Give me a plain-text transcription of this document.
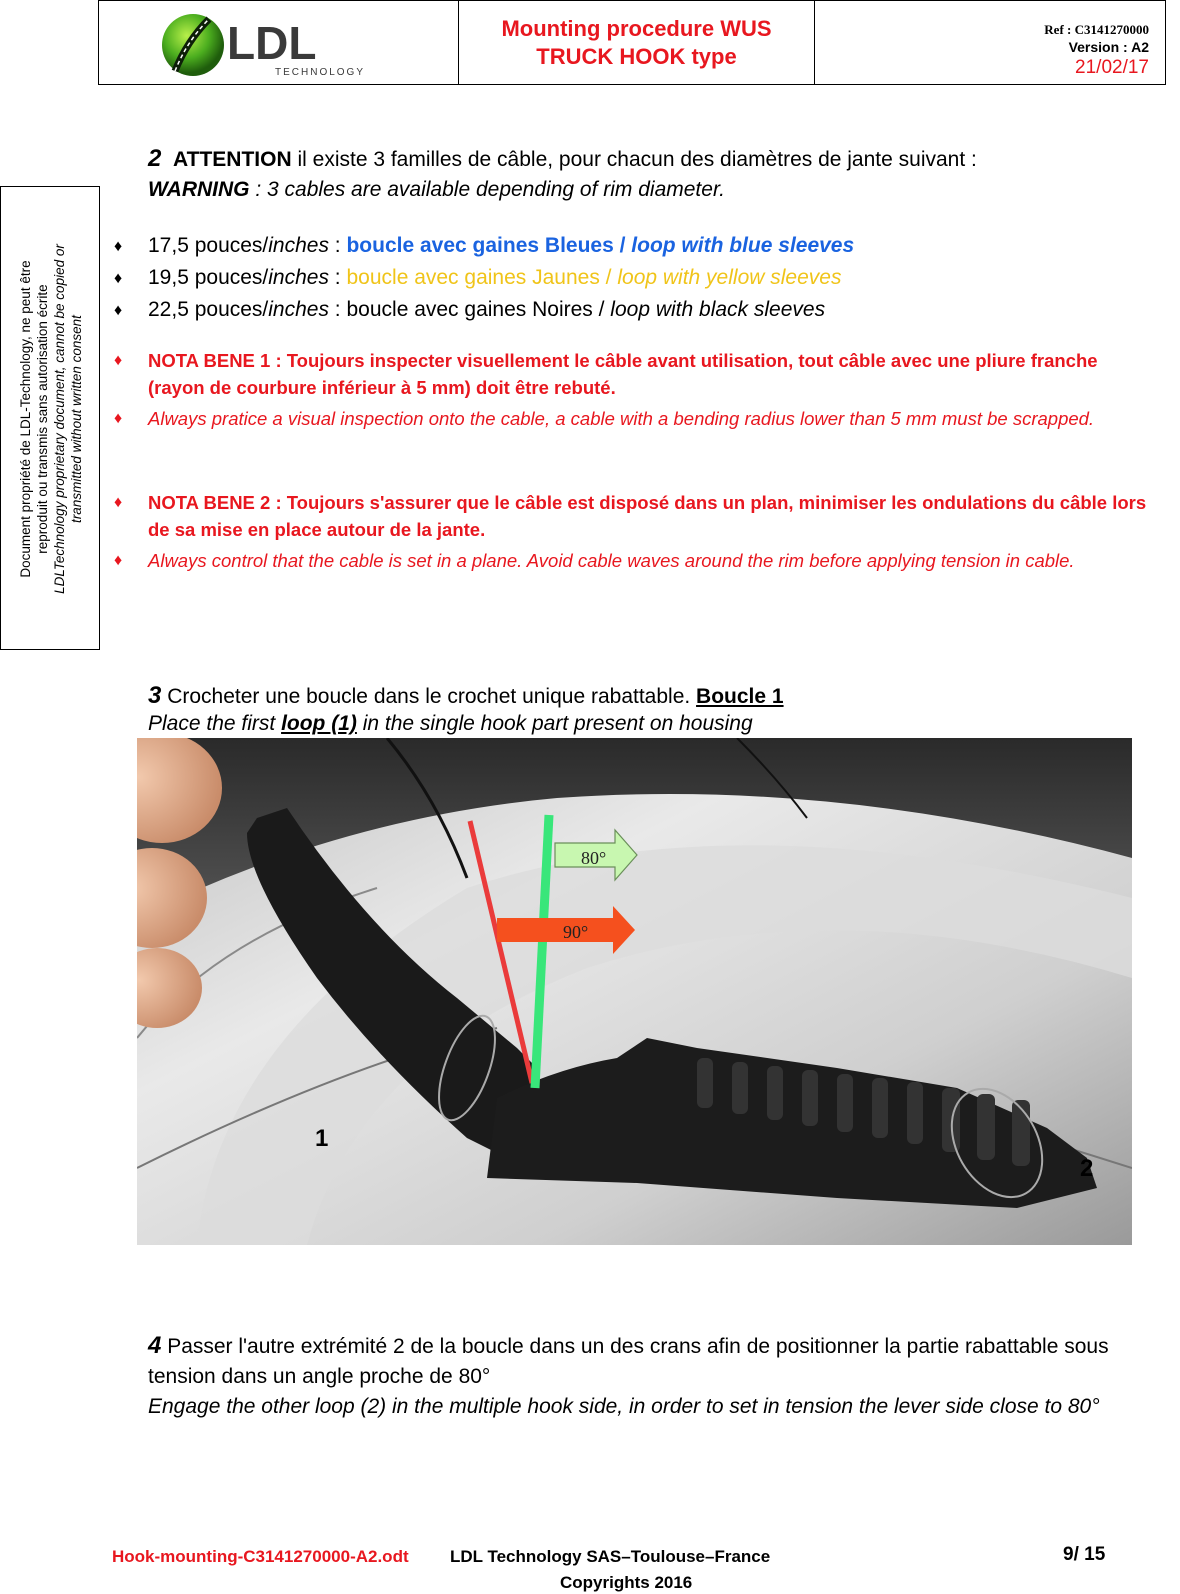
LDL
TECHNOLOGY
Mounting procedure WUS
TRUCK HOOK type
Ref : C3141270000
Version : A2
21/02/17
Document propriété de LDL-Technology, ne peut être reproduit ou transmis sans autorisation écrite LDLTechnology proprietary document, cannot be copied or transmitted without written consent

2 ATTENTION il existe 3 familles de câble, pour chacun des diamètres de jante suivant :

WARNING : 3 cables are available depending of rim diameter.

♦ 17,5 pouces/inches : boucle avec gaines Bleues / loop with blue sleeves

♦ 19,5 pouces/inches : boucle avec gaines Jaunes / loop with yellow sleeves

♦ 22,5 pouces/inches : boucle avec gaines Noires / loop with black sleeves

♦ NOTA BENE 1 : Toujours inspecter visuellement le câble avant utilisation, tout câble avec une pliure franche (rayon de courbure inférieur à 5 mm) doit être rebuté.

♦ Always pratice a visual inspection onto the cable, a cable with a bending radius lower than 5 mm must be scrapped.

♦ NOTA BENE 2 : Toujours s'assurer que le câble est disposé dans un plan, minimiser les ondulations du câble lors de sa mise en place autour de la jante.

♦ Always control that the cable is set in a plane. Avoid cable waves around the rim before applying tension in cable.

3 Crocheter une boucle dans le crochet unique rabattable. Boucle 1

Place the first loop (1) in the single hook part present on housing

80°
90°
1
2

4 Passer l'autre extrémité 2 de la boucle dans un des crans afin de positionner la partie rabattable sous tension dans un angle proche de 80°

Engage the other loop (2) in the multiple hook side, in order to set in tension the lever side close to 80°

Hook-mounting-C3141270000-A2.odt LDL Technology SAS–Toulouse–France	9/ 15
Copyrights 2016
